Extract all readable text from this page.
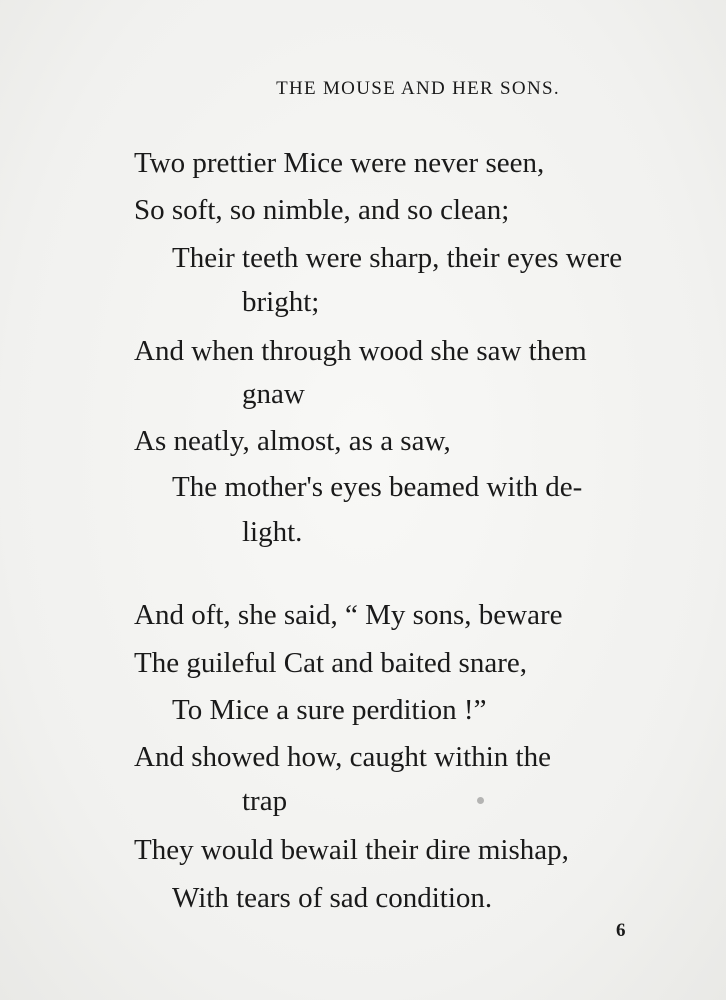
THE MOUSE AND HER SONS.
Two prettier Mice were never seen,
So soft, so nimble, and so clean;
Their teeth were sharp, their eyes were
bright;
And when through wood she saw them
gnaw
As neatly, almost, as a saw,
The mother's eyes beamed with de-
light.
And oft, she said, “ My sons, beware
The guileful Cat and baited snare,
To Mice a sure perdition !”
And showed how, caught within the
trap
They would bewail their dire mishap,
With tears of sad condition.
6
